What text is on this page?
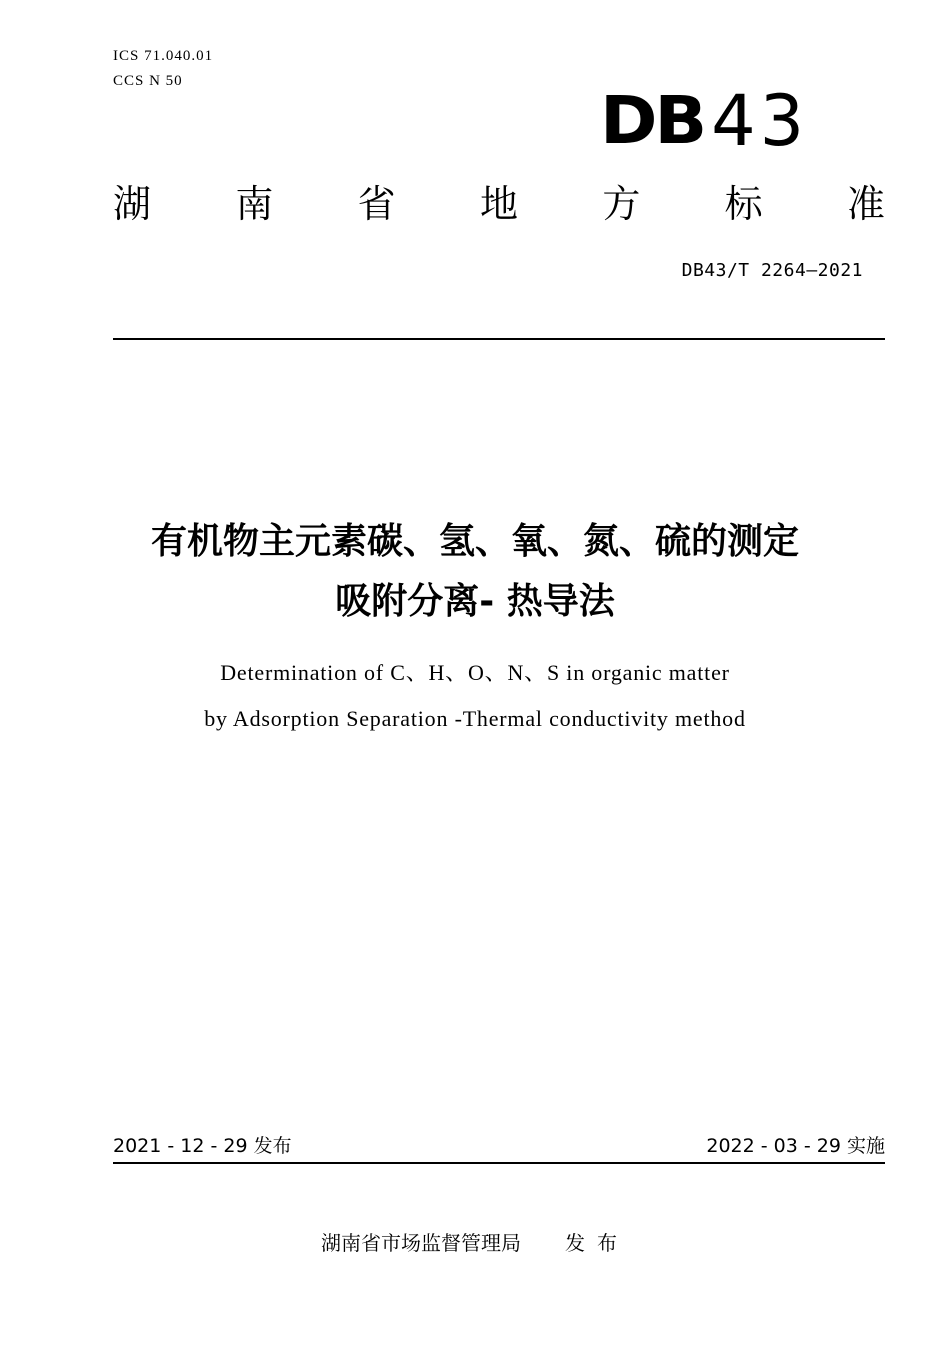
ICS 71.040.01
CCS N 50
DB 43
湖 南 省 地 方 标 准
DB43/T 2264—2021
有机物主元素碳、氢、氧、氮、硫的测定
吸附分离- 热导法
Determination of C、H、O、N、S in organic matter
by Adsorption Separation -Thermal conductivity method
2021 - 12 - 29 发布	2022 - 03 - 29 实施
湖南省市场监督管理局 发布
